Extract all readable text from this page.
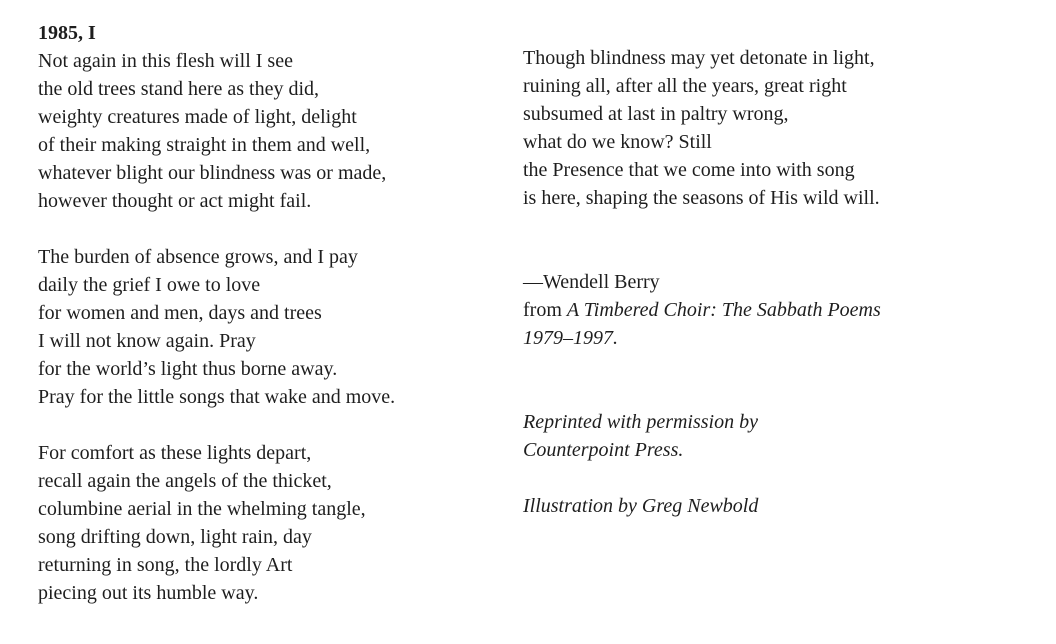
1985, I
Not again in this flesh will I see
the old trees stand here as they did,
weighty creatures made of light, delight
of their making straight in them and well,
whatever blight our blindness was or made,
however thought or act might fail.
The burden of absence grows, and I pay
daily the grief I owe to love
for women and men, days and trees
I will not know again. Pray
for the world’s light thus borne away.
Pray for the little songs that wake and move.
For comfort as these lights depart,
recall again the angels of the thicket,
columbine aerial in the whelming tangle,
song drifting down, light rain, day
returning in song, the lordly Art
piecing out its humble way.
Though blindness may yet detonate in light,
ruining all, after all the years, great right
subsumed at last in paltry wrong,
what do we know? Still
the Presence that we come into with song
is here, shaping the seasons of His wild will.
—Wendell Berry
from A Timbered Choir: The Sabbath Poems
1979–1997.
Reprinted with permission by
Counterpoint Press.
Illustration by Greg Newbold
